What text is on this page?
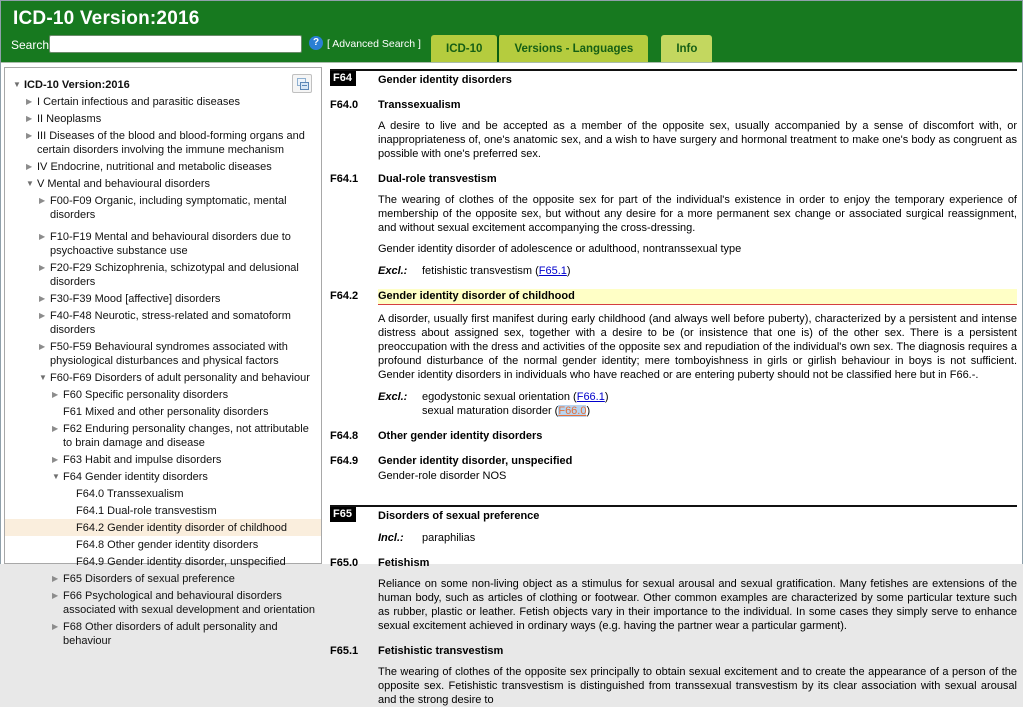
ICD-10 Version:2016
Search	? [ Advanced Search ]	ICD-10	Versions - Languages	Info
▼ ICD-10 Version:2016
▶ I Certain infectious and parasitic diseases
▶ II Neoplasms
▶ III Diseases of the blood and blood-forming organs and certain disorders involving the immune mechanism
▶ IV Endocrine, nutritional and metabolic diseases
▼ V Mental and behavioural disorders
▶ F00-F09 Organic, including symptomatic, mental disorders
▶ F10-F19 Mental and behavioural disorders due to psychoactive substance use
▶ F20-F29 Schizophrenia, schizotypal and delusional disorders
▶ F30-F39 Mood [affective] disorders
▶ F40-F48 Neurotic, stress-related and somatoform disorders
▶ F50-F59 Behavioural syndromes associated with physiological disturbances and physical factors
▼ F60-F69 Disorders of adult personality and behaviour
▶ F60 Specific personality disorders
F61 Mixed and other personality disorders
▶ F62 Enduring personality changes, not attributable to brain damage and disease
▶ F63 Habit and impulse disorders
▼ F64 Gender identity disorders
F64.0 Transsexualism
F64.1 Dual-role transvestism
F64.2 Gender identity disorder of childhood
F64.8 Other gender identity disorders
F64.9 Gender identity disorder, unspecified
▶ F65 Disorders of sexual preference
▶ F66 Psychological and behavioural disorders associated with sexual development and orientation
▶ F68 Other disorders of adult personality and behaviour
F64	Gender identity disorders
F64.0	Transsexualism
A desire to live and be accepted as a member of the opposite sex, usually accompanied by a sense of discomfort with, or inappropriateness of, one's anatomic sex, and a wish to have surgery and hormonal treatment to make one's body as congruent as possible with one's preferred sex.
F64.1	Dual-role transvestism
The wearing of clothes of the opposite sex for part of the individual's existence in order to enjoy the temporary experience of membership of the opposite sex, but without any desire for a more permanent sex change or associated surgical reassignment, and without sexual excitement accompanying the cross-dressing.
Gender identity disorder of adolescence or adulthood, nontranssexual type
Excl.:	fetishistic transvestism (F65.1)
F64.2	Gender identity disorder of childhood
A disorder, usually first manifest during early childhood (and always well before puberty), characterized by a persistent and intense distress about assigned sex, together with a desire to be (or insistence that one is) of the other sex. There is a persistent preoccupation with the dress and activities of the opposite sex and repudiation of the individual's own sex. The diagnosis requires a profound disturbance of the normal gender identity; mere tomboyishness in girls or girlish behaviour in boys is not sufficient. Gender identity disorders in individuals who have reached or are entering puberty should not be classified here but in F66.-.
Excl.:	egodystonic sexual orientation (F66.1)
sexual maturation disorder (F66.0)
F64.8	Other gender identity disorders
F64.9	Gender identity disorder, unspecified
Gender-role disorder NOS
F65	Disorders of sexual preference
Incl.:	paraphilias
F65.0	Fetishism
Reliance on some non-living object as a stimulus for sexual arousal and sexual gratification. Many fetishes are extensions of the human body, such as articles of clothing or footwear. Other common examples are characterized by some particular texture such as rubber, plastic or leather. Fetish objects vary in their importance to the individual. In some cases they simply serve to enhance sexual excitement achieved in ordinary ways (e.g. having the partner wear a particular garment).
F65.1	Fetishistic transvestism
The wearing of clothes of the opposite sex principally to obtain sexual excitement and to create the appearance of a person of the opposite sex. Fetishistic transvestism is distinguished from transsexual transvestism by its clear association with sexual arousal and the strong desire to
